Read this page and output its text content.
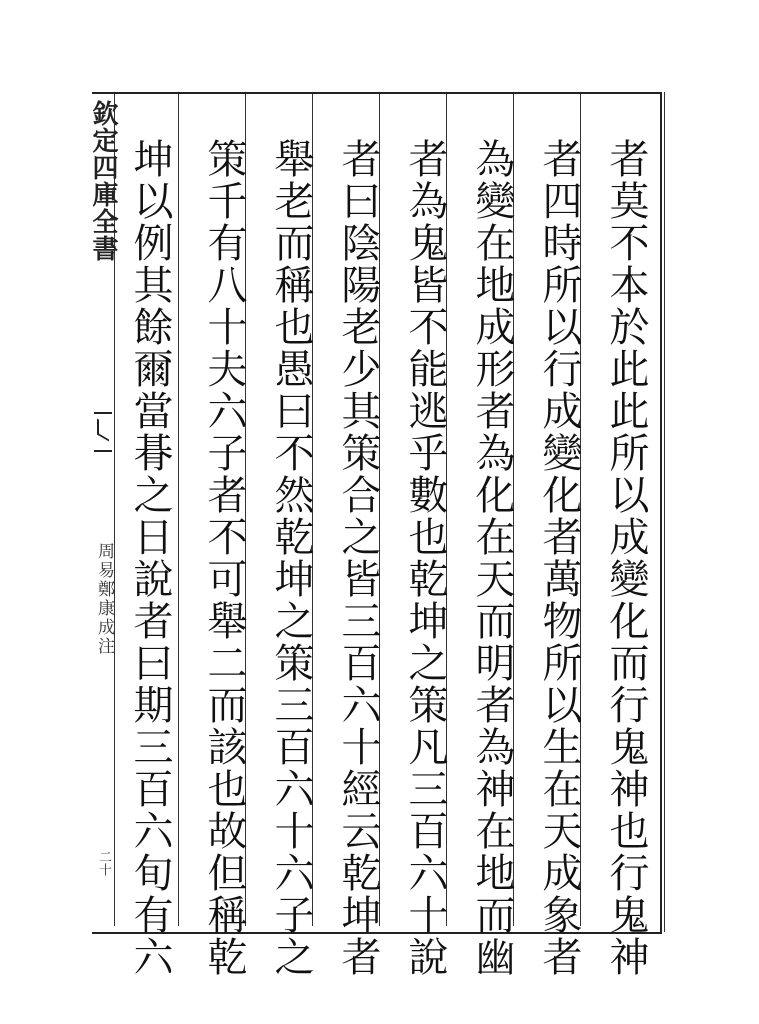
欽定四庫全書
周易鄭康成注
二十	者莫不本於此此所以成變化而行鬼神也行鬼神
者四時所以行成變化者萬物所以生在天成象者
為變在地成形者為化在天而明者為神在地而幽
者為鬼皆不能逃乎數也乾坤之策凡三百六十說
者曰陰陽老少其策合之皆三百六十經云乾坤者
舉老而稱也愚曰不然乾坤之策三百六十六子之
策千有八十夫六子者不可舉二而該也故但稱乾
坤以例其餘爾當朞之日說者曰期三百六旬有六
